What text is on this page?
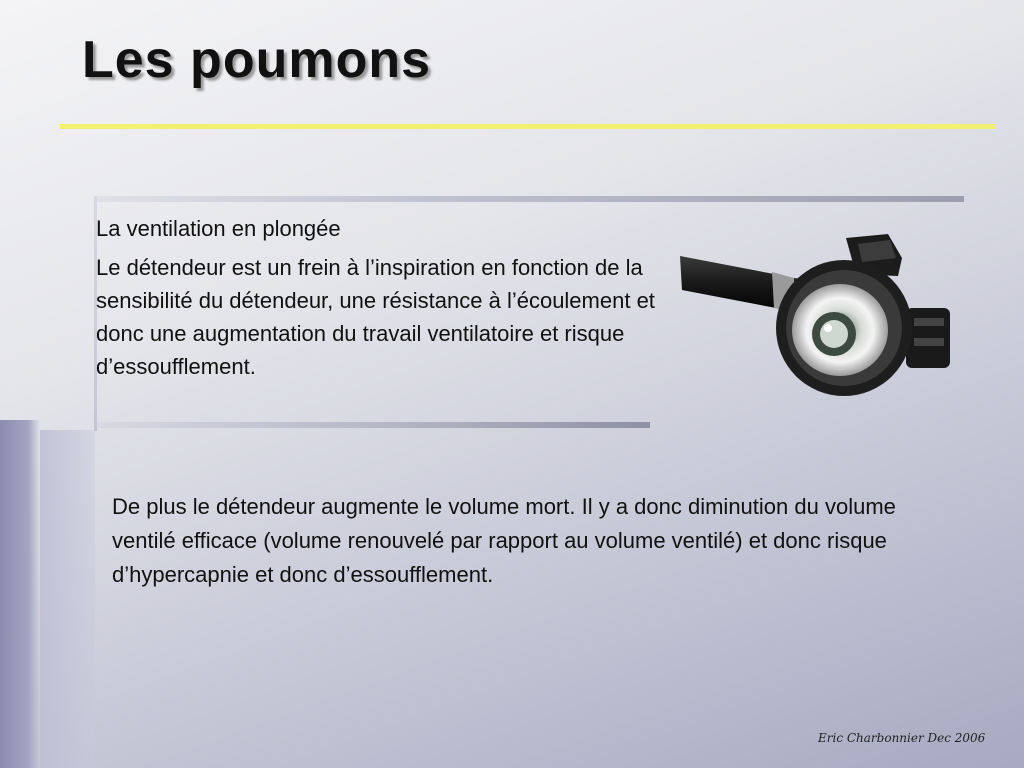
Les poumons

La ventilation en plongée

Le détendeur est un frein à l’inspiration en fonction de la sensibilité du détendeur, une résistance à l’écoulement et donc une augmentation du travail ventilatoire et risque d’essoufflement.

De plus le détendeur augmente le volume mort. Il y a donc diminution du volume ventilé efficace (volume renouvelé par rapport au volume ventilé) et donc risque d’hypercapnie et donc d’essoufflement.

Eric Charbonnier Dec 2006
